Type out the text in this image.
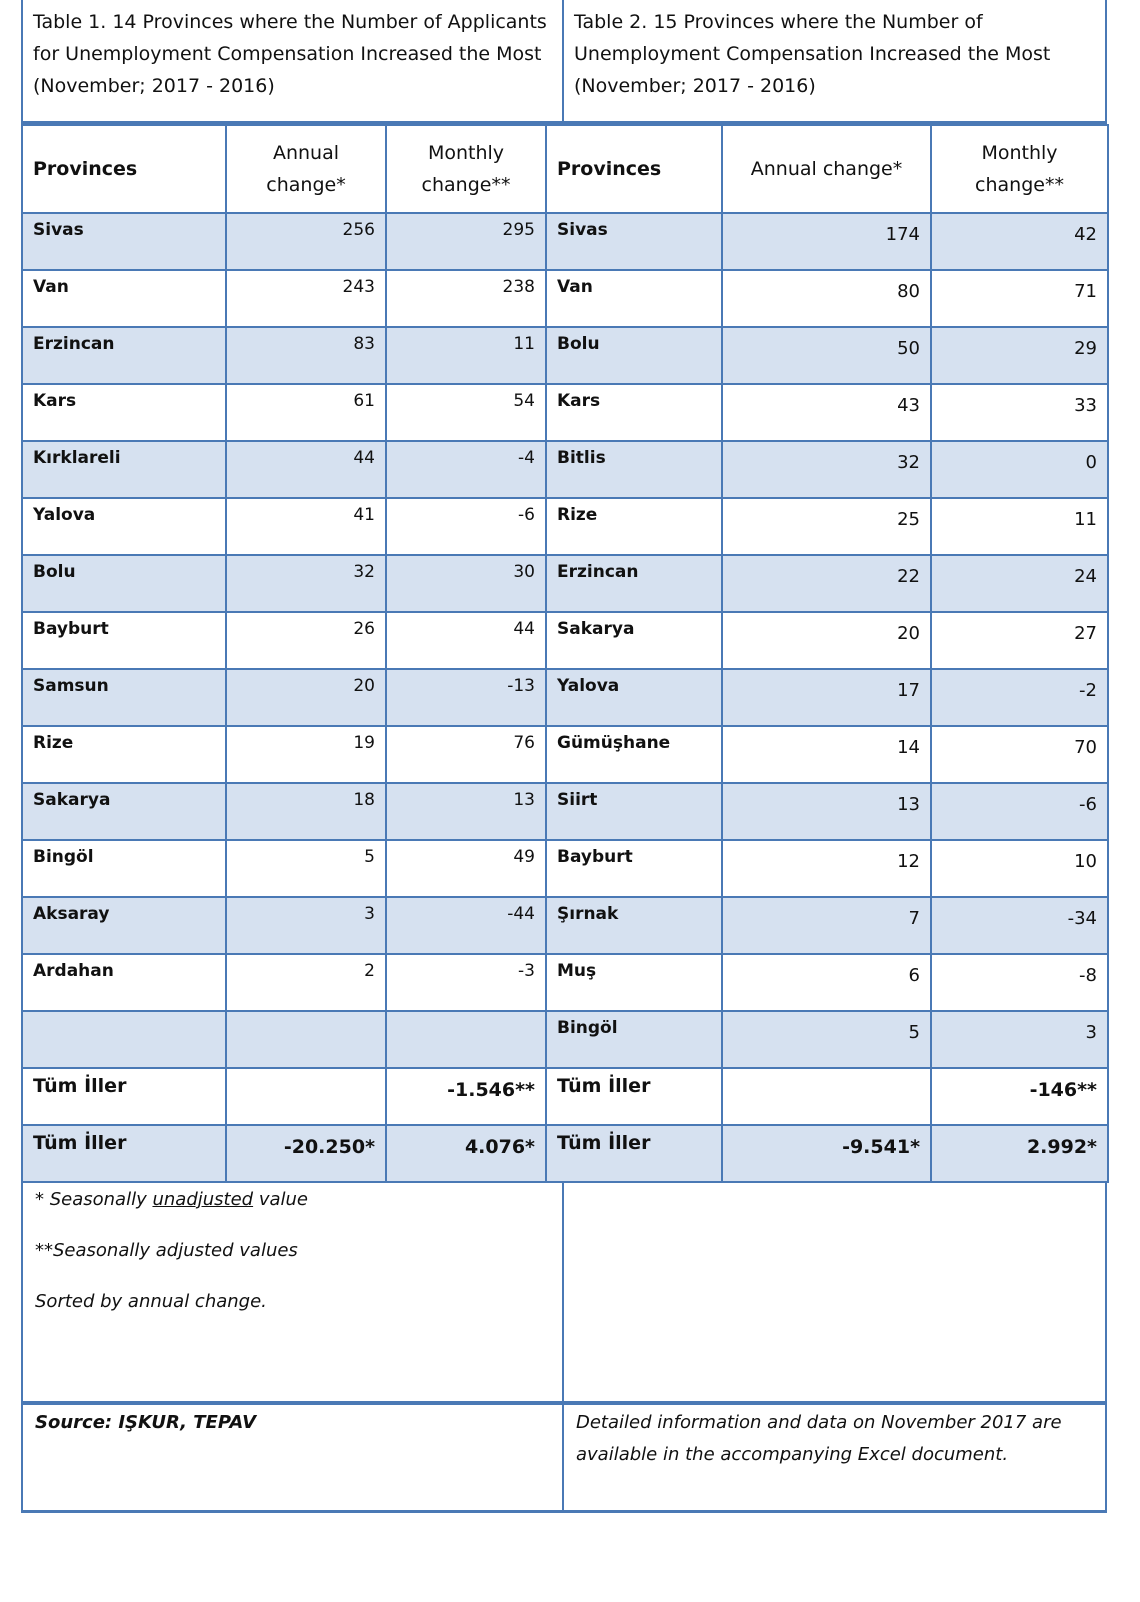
Table 1. 14 Provinces where the Number of Applicants for Unemployment Compensation Increased the Most (November; 2017 - 2016)
Table 2. 15 Provinces where the Number of Unemployment Compensation Increased the Most (November; 2017 - 2016)
Provinces	Annual change*	Monthly change**	Provinces	Annual change*	Monthly change**
Sivas	256	295	Sivas	174	42
Van	243	238	Van	80	71
Erzincan	83	11	Bolu	50	29
Kars	61	54	Kars	43	33
Kırklareli	44	-4	Bitlis	32	0
Yalova	41	-6	Rize	25	11
Bolu	32	30	Erzincan	22	24
Bayburt	26	44	Sakarya	20	27
Samsun	20	-13	Yalova	17	-2
Rize	19	76	Gümüşhane	14	70
Sakarya	18	13	Siirt	13	-6
Bingöl	5	49	Bayburt	12	10
Aksaray	3	-44	Şırnak	7	-34
Ardahan	2	-3	Muş	6	-8
			Bingöl	5	3
Tüm İller		-1.546**	Tüm İller		-146**
Tüm İller	-20.250*	4.076*	Tüm İller	-9.541*	2.992*

* Seasonally unadjusted value

**Seasonally adjusted values

Sorted by annual change.

Source: IŞKUR, TEPAV	Detailed information and data on November 2017 are available in the accompanying Excel document.
